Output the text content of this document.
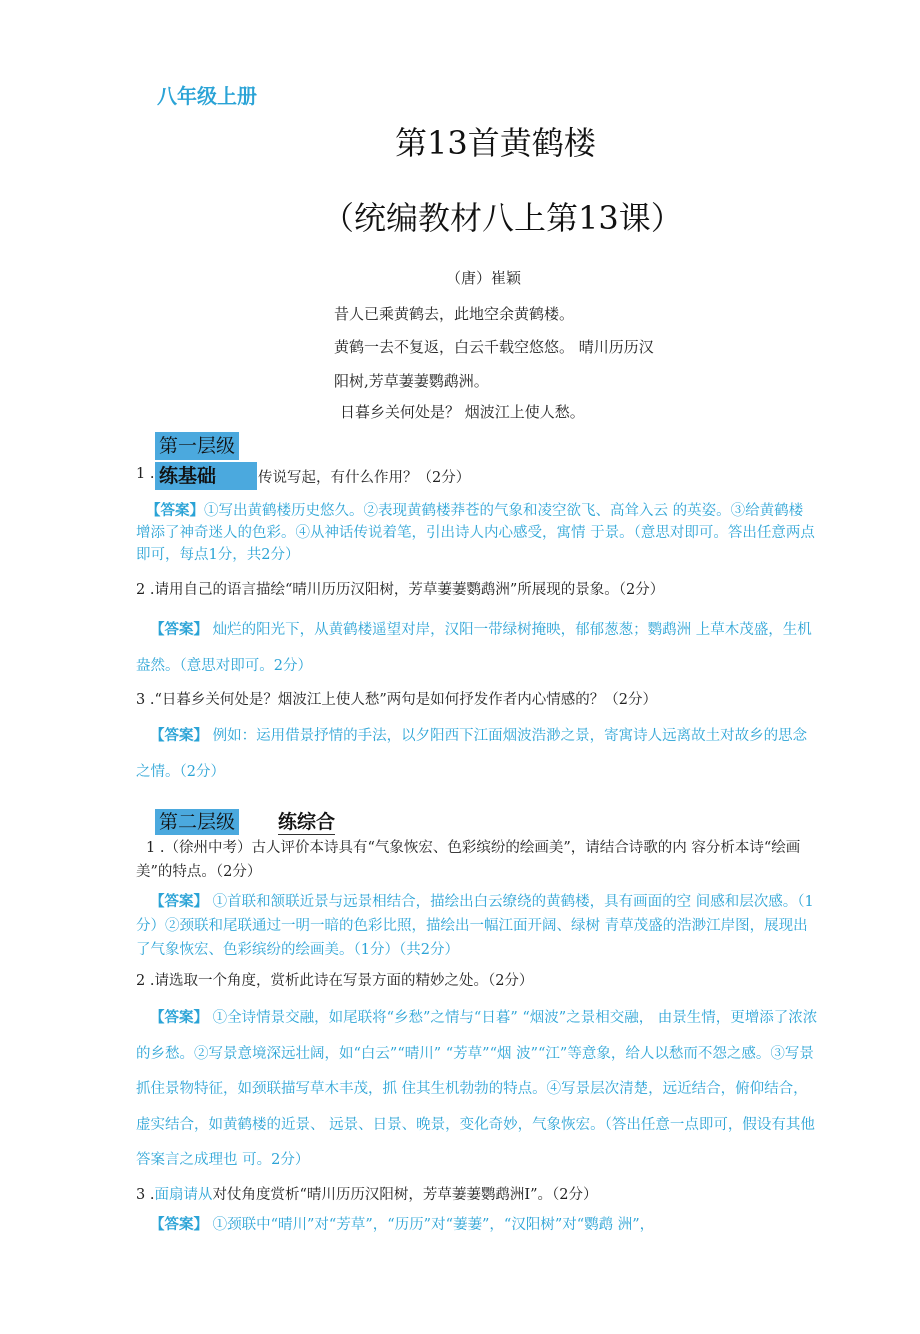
八年级上册
第13首黄鹤楼
（统编教材八上第13课）
（唐）崔颖
昔人已乘黄鹤去，此地空余黄鹤楼。
黄鹤一去不复返，白云千载空悠悠。 晴川历历汉
阳树,芳草萋萋鹦鹉洲。
日暮乡关何处是？ 烟波江上使人愁。
第一层级
1 . 练基础	传说写起，有什么作用？（2分）
【答案】①写出黄鹤楼历史悠久。②表现黄鹤楼莽苍的气象和凌空欲飞、高耸入云 的英姿。③给黄鹤楼增添了神奇迷人的色彩。④从神话传说着笔，引出诗人内心感受，寓情 于景。（意思对即可。答出任意两点即可，每点1分，共2分）
2 .请用自己的语言描绘“晴川历历汉阳树，芳草萋萋鹦鹉洲”所展现的景象。（2分）
【答案】 灿烂的阳光下，从黄鹤楼遥望对岸，汉阳一带绿树掩映，郁郁葱葱；鹦鹉洲 上草木茂盛，生机盎然。（意思对即可。2分）
3 .“日暮乡关何处是？烟波江上使人愁”两句是如何抒发作者内心情感的？（2分）
【答案】 例如：运用借景抒情的手法，以夕阳西下江面烟波浩渺之景，寄寓诗人远离故土对故乡的思念之情。（2分）
第二层级 练综合
1 .（徐州中考）古人评价本诗具有“气象恢宏、色彩缤纷的绘画美”，请结合诗歌的内 容分析本诗“绘画美”的特点。（2分）
【答案】 ①首联和颔联近景与远景相结合，描绘出白云缭绕的黄鹤楼，具有画面的空 间感和层次感。（1分）②颈联和尾联通过一明一暗的色彩比照，描绘出一幅江面开阔、绿树 青草茂盛的浩渺江岸图，展现出了气象恢宏、色彩缤纷的绘画美。（1分）（共2分）
2 .请选取一个角度，赏析此诗在写景方面的精妙之处。（2分）
【答案】 ①全诗情景交融，如尾联将“乡愁”之情与“日暮” “烟波”之景相交融， 由景生情，更增添了浓浓的乡愁。②写景意境深远壮阔，如“白云”“晴川” “芳草”“烟 波”“江”等意象，给人以愁而不怨之感。③写景抓住景物特征，如颈联描写草木丰茂，抓 住其生机勃勃的特点。④写景层次清楚，远近结合，俯仰结合，虚实结合，如黄鹤楼的近景、 远景、日景、晚景，变化奇妙，气象恢宏。（答出任意一点即可，假设有其他答案言之成理也 可。2分）
3 .面扇请从对仗角度赏析“晴川历历汉阳树，芳草萋萋鹦鹉洲I”。（2分）
【答案】 ①颈联中“晴川”对“芳草”，“历历”对“萋萋”，“汉阳树”对“鹦鹉 洲”，
